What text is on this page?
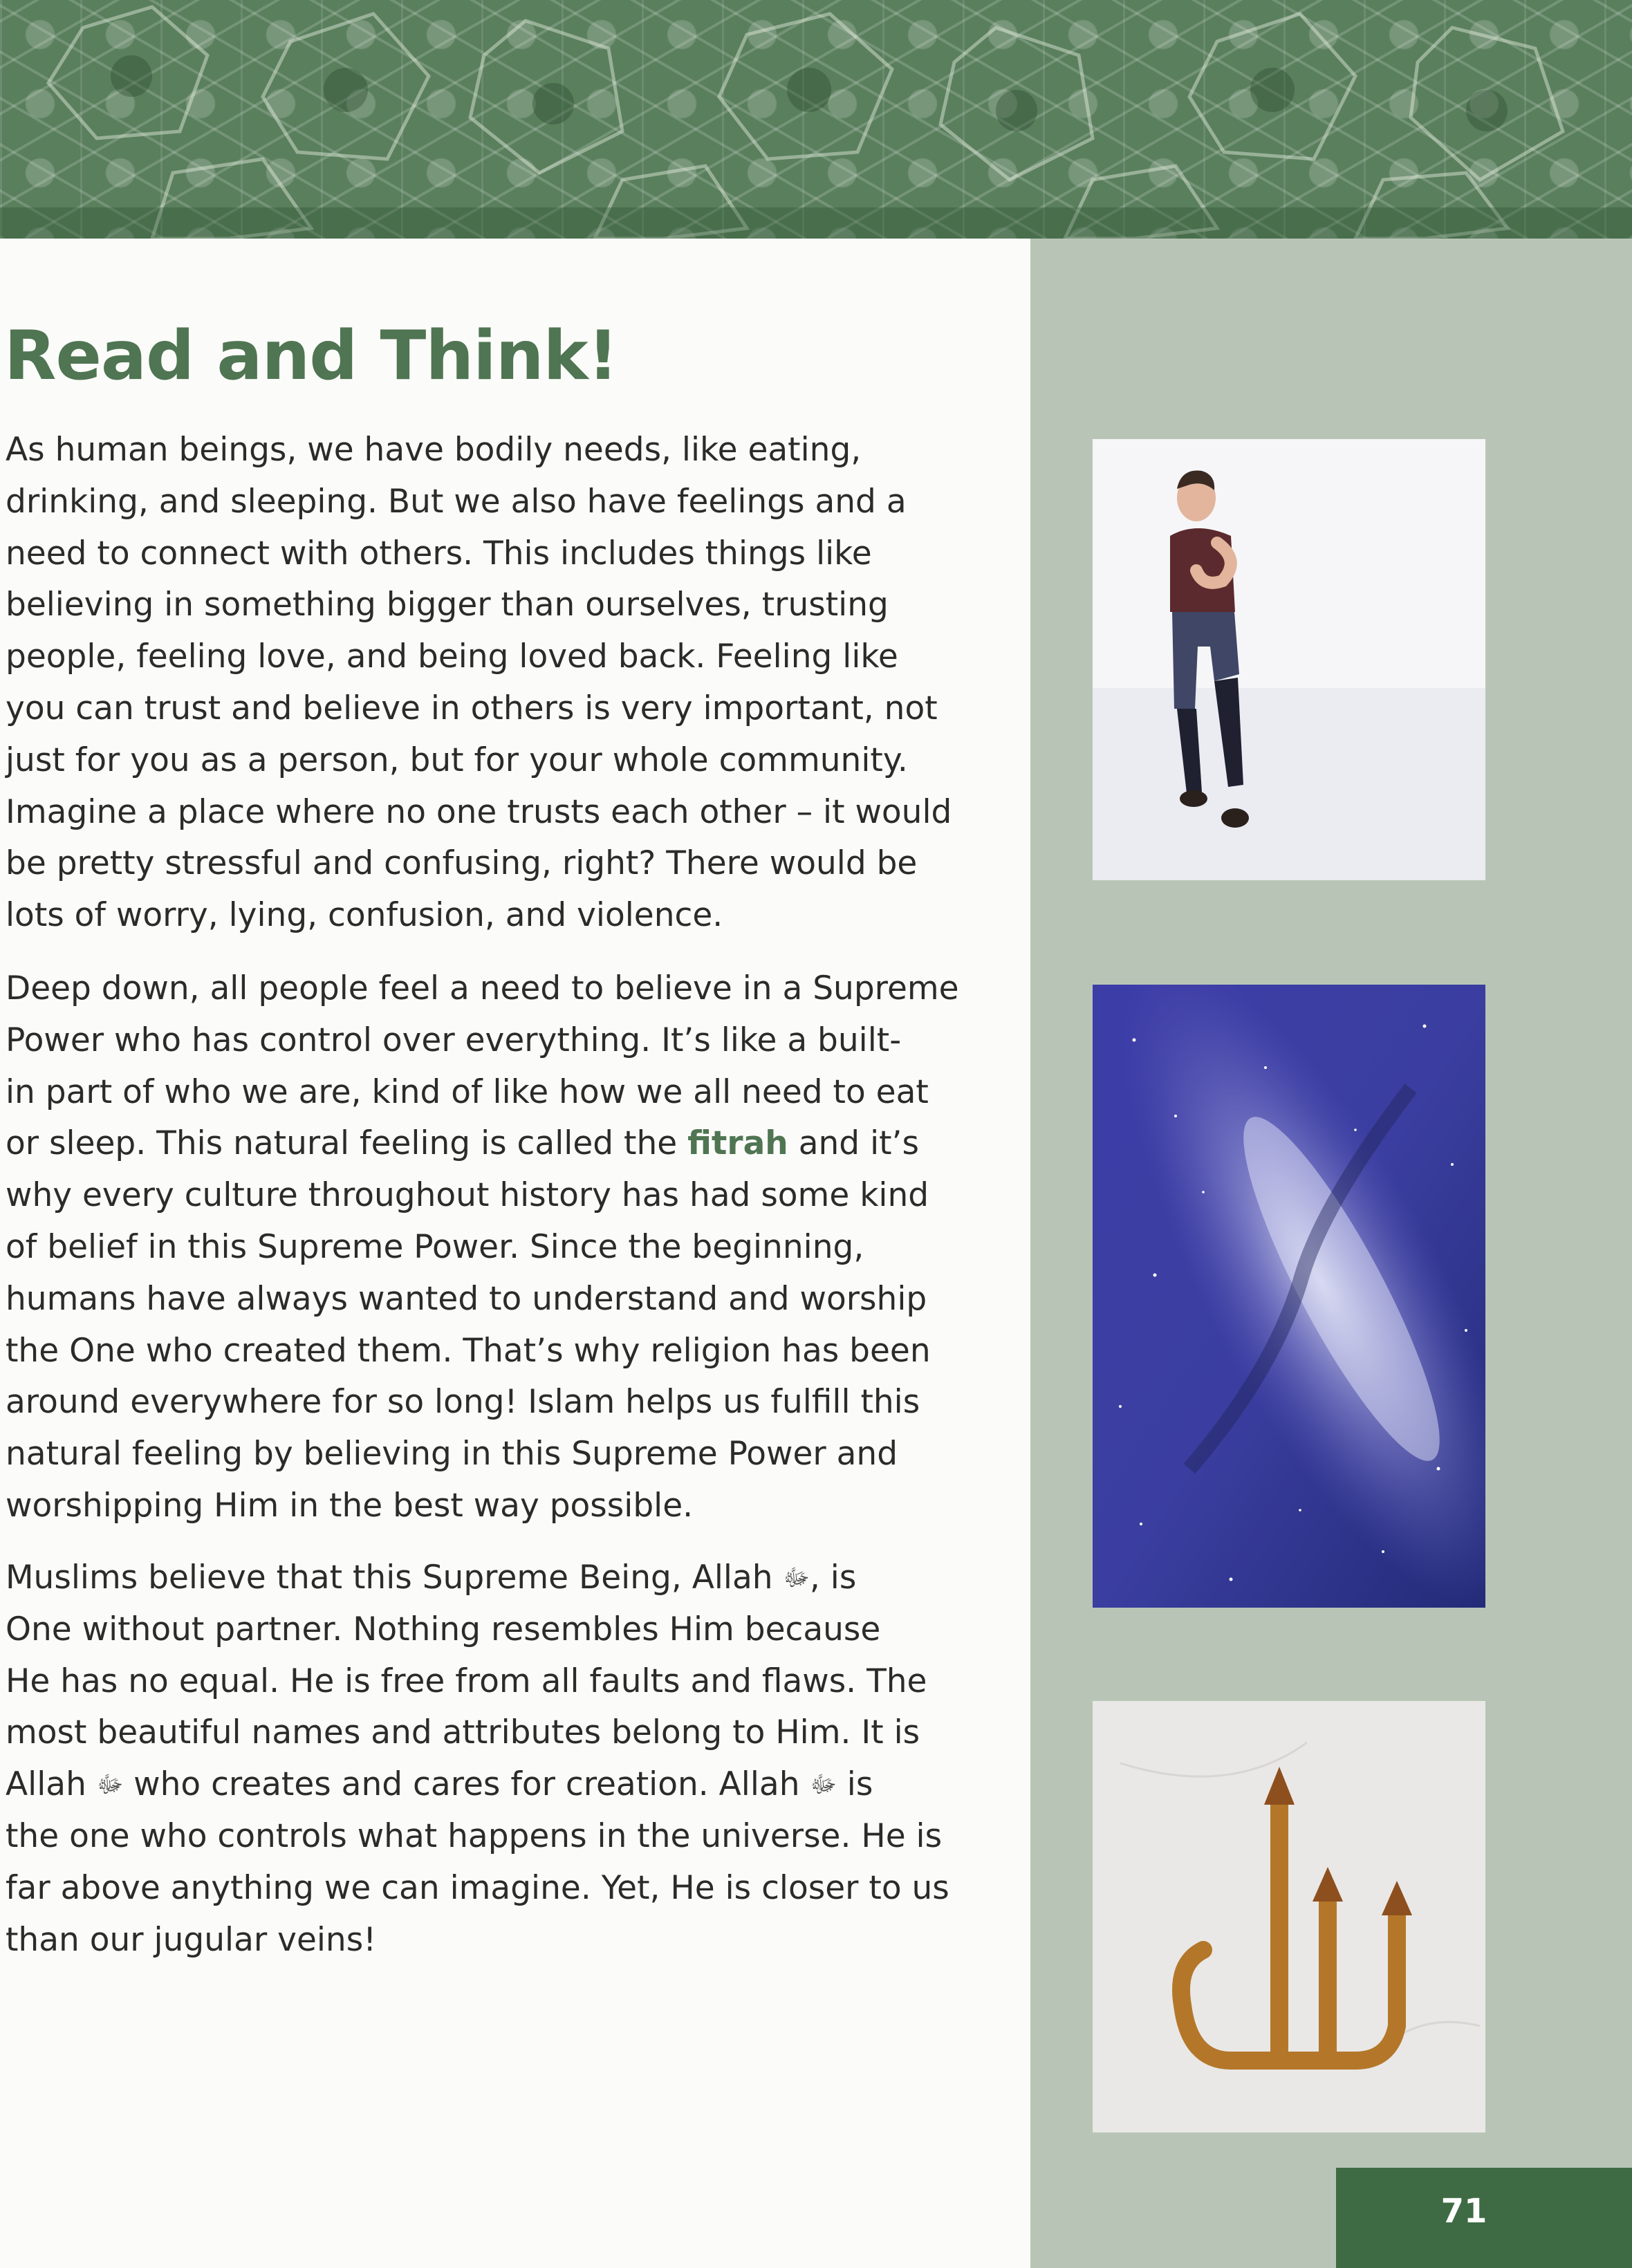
Read and Think!

As human beings, we have bodily needs, like eating,
drinking, and sleeping. But we also have feelings and a
need to connect with others. This includes things like
believing in something bigger than ourselves, trusting
people, feeling love, and being loved back. Feeling like
you can trust and believe in others is very important, not
just for you as a person, but for your whole community.
Imagine a place where no one trusts each other – it would
be pretty stressful and confusing, right? There would be
lots of worry, lying, confusion, and violence.

Deep down, all people feel a need to believe in a Supreme
Power who has control over everything. It’s like a built-
in part of who we are, kind of like how we all need to eat
or sleep. This natural feeling is called the fitrah and it’s
why every culture throughout history has had some kind
of belief in this Supreme Power. Since the beginning,
humans have always wanted to understand and worship
the One who created them. That’s why religion has been
around everywhere for so long! Islam helps us fulfill this
natural feeling by believing in this Supreme Power and
worshipping Him in the best way possible.

Muslims believe that this Supreme Being, Allah ﷻ, is
One without partner. Nothing resembles Him because
He has no equal. He is free from all faults and flaws. The
most beautiful names and attributes belong to Him. It is
Allah ﷻ who creates and cares for creation. Allah ﷻ is
the one who controls what happens in the universe. He is
far above anything we can imagine. Yet, He is closer to us
than our jugular veins!

71
